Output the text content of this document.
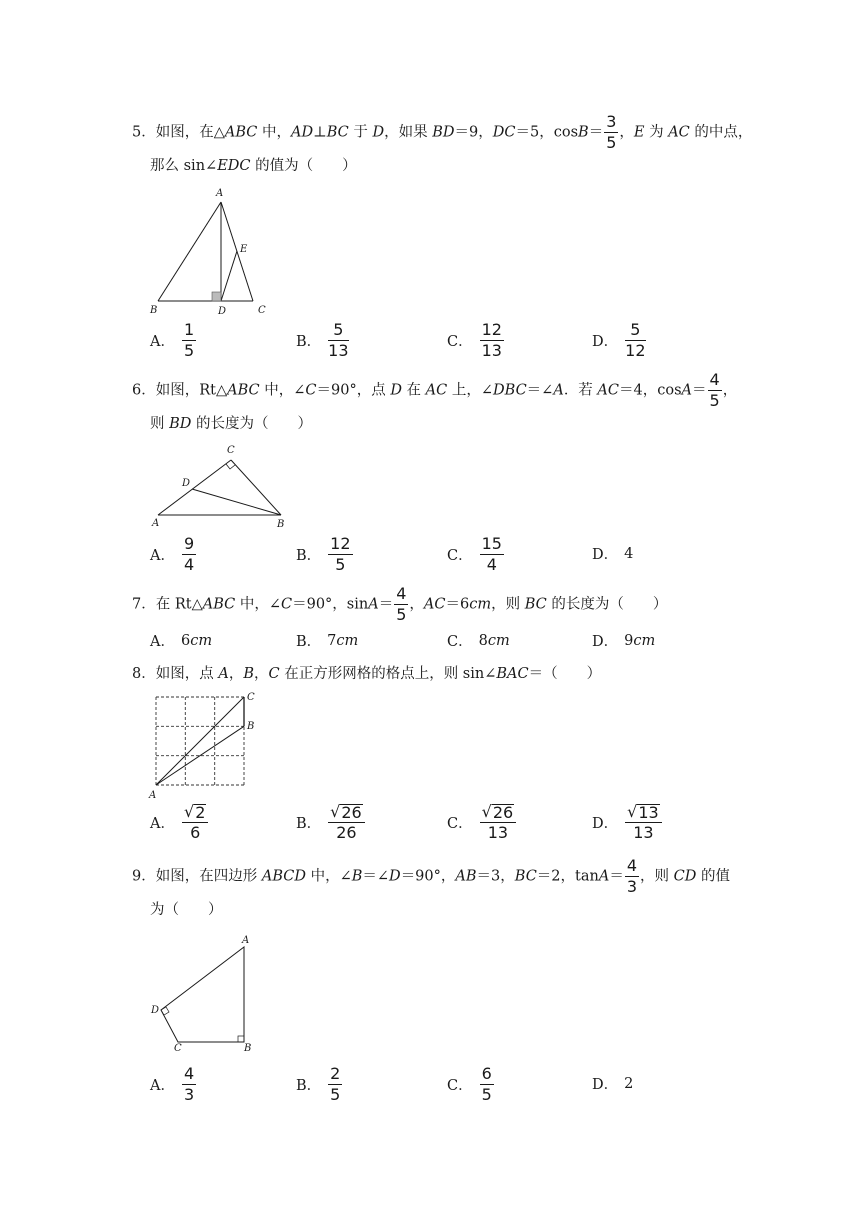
5．如图，在△ABC 中，AD⊥BC 于 D，如果 BD＝9，DC＝5，$\cos B= \frac{3}{5}$ ，E 为 AC 的中点，
那么 sin∠EDC 的值为（　　）
A
B	C
D
E
A． $\frac{1}{5}$	B． $\frac{5}{13}$	C． $\frac{12}{13}$	D． $\frac{5}{12}$
6．如图，Rt△ABC 中，∠C＝90°，点 D 在 AC 上，∠DBC＝∠A．若 AC＝4，$\cos A= \frac{4}{5}$ ，
则 BD 的长度为（　　）
A	B
C
D
A． $\frac{9}{4}$	B． $\frac{12}{5}$	C． $\frac{15}{4}$	D． 4
7．在 Rt△ABC 中，∠C＝90°，$\sin A= \frac{4}{5}$ ，AC＝6cm，则 BC 的长度为（　　）
A． 6 cm	B． 7 cm	C． 8 cm	D． 9 cm
8．如图，点 A，B，C 在正方形网格的格点上，则 sin∠BAC＝（　　）
A
B
C
A． $\frac{√ 2}{6}$	B． $\frac{√ 26}{26}$	C． $\frac{√ 26}{13}$	D． $\frac{√ 13}{13}$
9．如图，在四边形 ABCD 中，∠B＝∠D＝90°，AB＝3，BC＝2，$\tan A= \frac{4}{3}$ ，则 CD 的值
为（　　）
A
B
C
D
A． $\frac{4}{3}$	B． $\frac{2}{5}$	C． $\frac{6}{5}$	D． 2
